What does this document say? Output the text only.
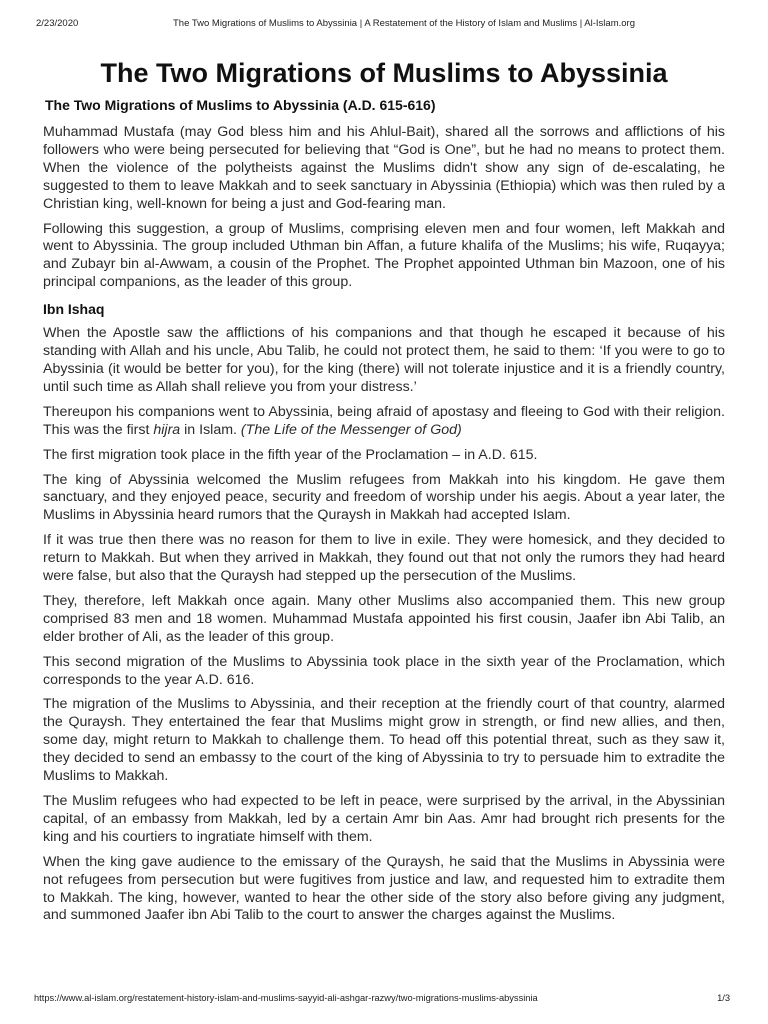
2/23/2020	The Two Migrations of Muslims to Abyssinia | A Restatement of the History of Islam and Muslims | Al-Islam.org
The Two Migrations of Muslims to Abyssinia
The Two Migrations of Muslims to Abyssinia (A.D. 615-616)

Muhammad Mustafa (may God bless him and his Ahlul-Bait), shared all the sorrows and afflictions of his followers who were being persecuted for believing that “God is One”, but he had no means to protect them. When the violence of the polytheists against the Muslims didn't show any sign of de-escalating, he suggested to them to leave Makkah and to seek sanctuary in Abyssinia (Ethiopia) which was then ruled by a Christian king, well-known for being a just and God-fearing man.

Following this suggestion, a group of Muslims, comprising eleven men and four women, left Makkah and went to Abyssinia. The group included Uthman bin Affan, a future khalifa of the Muslims; his wife, Ruqayya; and Zubayr bin al-Awwam, a cousin of the Prophet. The Prophet appointed Uthman bin Mazoon, one of his principal companions, as the leader of this group.

Ibn Ishaq

When the Apostle saw the afflictions of his companions and that though he escaped it because of his standing with Allah and his uncle, Abu Talib, he could not protect them, he said to them: ‘If you were to go to Abyssinia (it would be better for you), for the king (there) will not tolerate injustice and it is a friendly country, until such time as Allah shall relieve you from your distress.’

Thereupon his companions went to Abyssinia, being afraid of apostasy and fleeing to God with their religion. This was the first hijra in Islam. (The Life of the Messenger of God)

The first migration took place in the fifth year of the Proclamation – in A.D. 615.

The king of Abyssinia welcomed the Muslim refugees from Makkah into his kingdom. He gave them sanctuary, and they enjoyed peace, security and freedom of worship under his aegis. About a year later, the Muslims in Abyssinia heard rumors that the Quraysh in Makkah had accepted Islam.

If it was true then there was no reason for them to live in exile. They were homesick, and they decided to return to Makkah. But when they arrived in Makkah, they found out that not only the rumors they had heard were false, but also that the Quraysh had stepped up the persecution of the Muslims.

They, therefore, left Makkah once again. Many other Muslims also accompanied them. This new group comprised 83 men and 18 women. Muhammad Mustafa appointed his first cousin, Jaafer ibn Abi Talib, an elder brother of Ali, as the leader of this group.

This second migration of the Muslims to Abyssinia took place in the sixth year of the Proclamation, which corresponds to the year A.D. 616.

The migration of the Muslims to Abyssinia, and their reception at the friendly court of that country, alarmed the Quraysh. They entertained the fear that Muslims might grow in strength, or find new allies, and then, some day, might return to Makkah to challenge them. To head off this potential threat, such as they saw it, they decided to send an embassy to the court of the king of Abyssinia to try to persuade him to extradite the Muslims to Makkah.

The Muslim refugees who had expected to be left in peace, were surprised by the arrival, in the Abyssinian capital, of an embassy from Makkah, led by a certain Amr bin Aas. Amr had brought rich presents for the king and his courtiers to ingratiate himself with them.

When the king gave audience to the emissary of the Quraysh, he said that the Muslims in Abyssinia were not refugees from persecution but were fugitives from justice and law, and requested him to extradite them to Makkah. The king, however, wanted to hear the other side of the story also before giving any judgment, and summoned Jaafer ibn Abi Talib to the court to answer the charges against the Muslims.

https://www.al-islam.org/restatement-history-islam-and-muslims-sayyid-ali-ashgar-razwy/two-migrations-muslims-abyssinia	1/3
